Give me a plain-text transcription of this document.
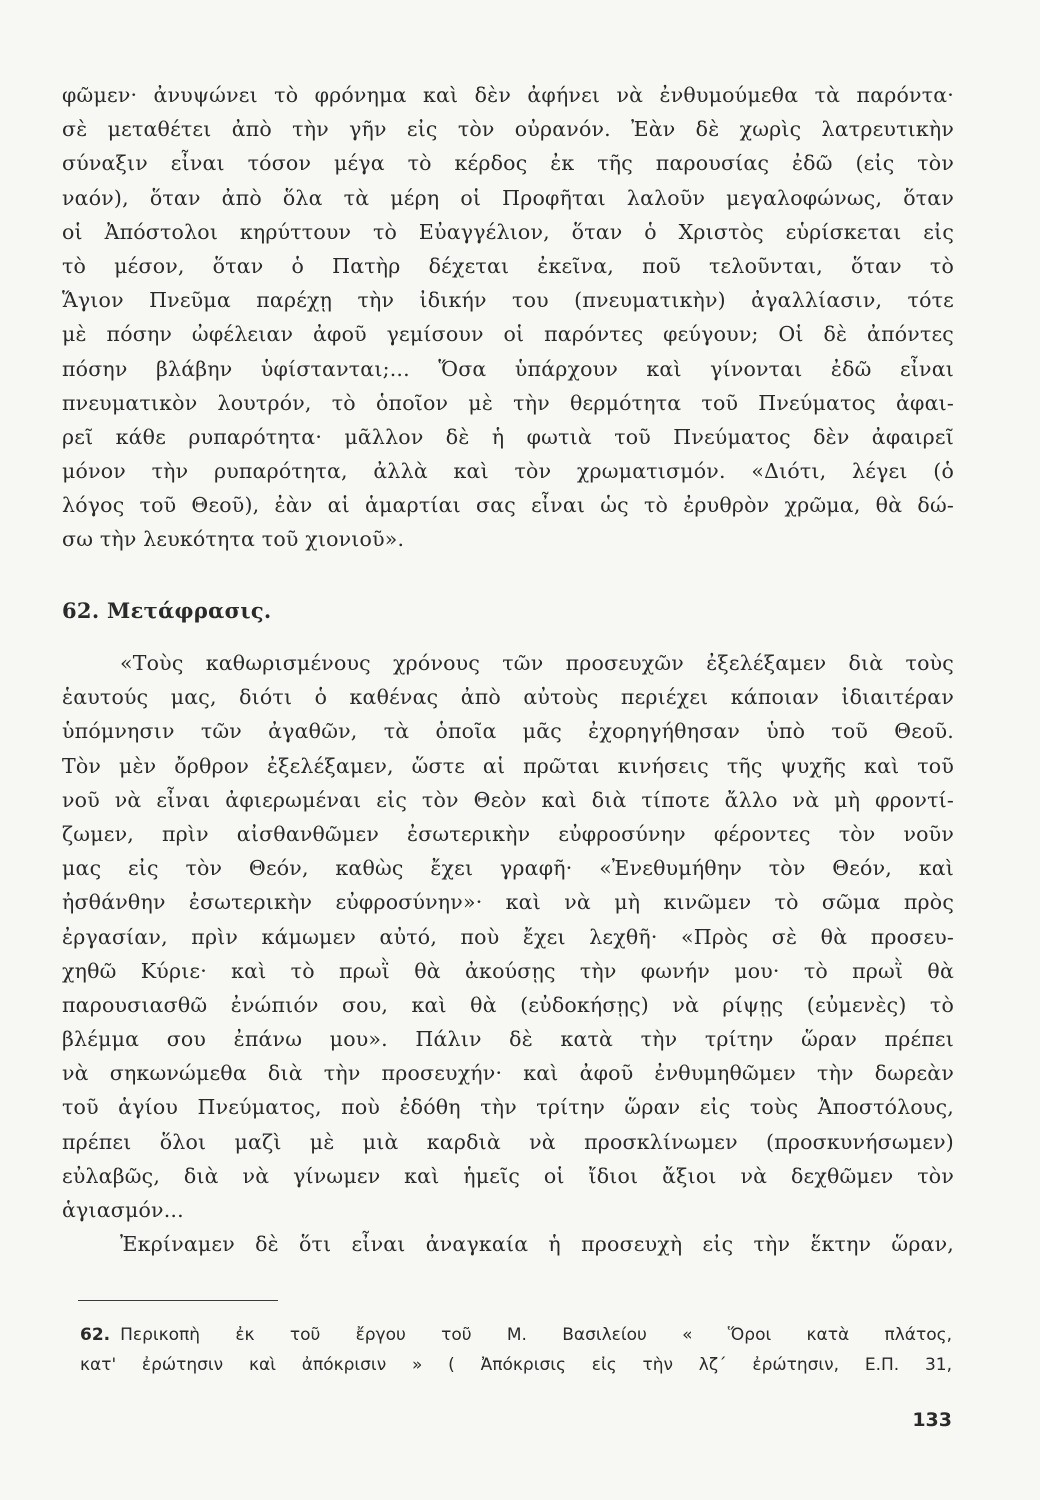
φῶμεν· ἀνυψώνει τὸ φρόνημα καὶ δὲν ἀφήνει νὰ ἐνθυμούμεθα τὰ παρόντα·
σὲ μεταθέτει ἀπὸ τὴν γῆν εἰς τὸν οὐρανόν. Ἐὰν δὲ χωρὶς λατρευτικὴν
σύναξιν εἶναι τόσον μέγα τὸ κέρδος ἐκ τῆς παρουσίας ἐδῶ (εἰς τὸν
ναόν), ὅταν ἀπὸ ὅλα τὰ μέρη οἱ Προφῆται λαλοῦν μεγαλοφώνως, ὅταν
οἱ Ἀπόστολοι κηρύττουν τὸ Εὐαγγέλιον, ὅταν ὁ Χριστὸς εὑρίσκεται εἰς
τὸ μέσον, ὅταν ὁ Πατὴρ δέχεται ἐκεῖνα, ποῦ τελοῦνται, ὅταν τὸ
Ἅγιον Πνεῦμα παρέχῃ τὴν ἰδικήν του (πνευματικὴν) ἀγαλλίασιν, τότε
μὲ πόσην ὠφέλειαν ἀφοῦ γεμίσουν οἱ παρόντες φεύγουν; Οἱ δὲ ἀπόντες
πόσην βλάβην ὑφίστανται;... Ὅσα ὑπάρχουν καὶ γίνονται ἐδῶ εἶναι
πνευματικὸν λουτρόν, τὸ ὁποῖον μὲ τὴν θερμότητα τοῦ Πνεύματος ἀφαι-
ρεῖ κάθε ρυπαρότητα· μᾶλλον δὲ ἡ φωτιὰ τοῦ Πνεύματος δὲν ἀφαιρεῖ
μόνον τὴν ρυπαρότητα, ἀλλὰ καὶ τὸν χρωματισμόν. «Διότι, λέγει (ὁ
λόγος τοῦ Θεοῦ), ἐὰν αἱ ἁμαρτίαι σας εἶναι ὡς τὸ ἐρυθρὸν χρῶμα, θὰ δώ-
σω τὴν λευκότητα τοῦ χιονιοῦ».
62. Μετάφρασις.
«Τοὺς καθωρισμένους χρόνους τῶν προσευχῶν ἐξελέξαμεν διὰ τοὺς
ἑαυτούς μας, διότι ὁ καθένας ἀπὸ αὐτοὺς περιέχει κάποιαν ἰδιαιτέραν
ὑπόμνησιν τῶν ἀγαθῶν, τὰ ὁποῖα μᾶς ἐχορηγήθησαν ὑπὸ τοῦ Θεοῦ.
Τὸν μὲν ὄρθρον ἐξελέξαμεν, ὥστε αἱ πρῶται κινήσεις τῆς ψυχῆς καὶ τοῦ
νοῦ νὰ εἶναι ἀφιερωμέναι εἰς τὸν Θεὸν καὶ διὰ τίποτε ἄλλο νὰ μὴ φροντί-
ζωμεν, πρὶν αἰσθανθῶμεν ἐσωτερικὴν εὐφροσύνην φέροντες τὸν νοῦν
μας εἰς τὸν Θεόν, καθὼς ἔχει γραφῆ· «Ἐνεθυμήθην τὸν Θεόν, καὶ
ἠσθάνθην ἐσωτερικὴν εὐφροσύνην»· καὶ νὰ μὴ κινῶμεν τὸ σῶμα πρὸς
ἐργασίαν, πρὶν κάμωμεν αὐτό, ποὺ ἔχει λεχθῆ· «Πρὸς σὲ θὰ προσευ-
χηθῶ Κύριε· καὶ τὸ πρωῒ θὰ ἀκούσῃς τὴν φωνήν μου· τὸ πρωῒ θὰ
παρουσιασθῶ ἐνώπιόν σου, καὶ θὰ (εὐδοκήσῃς) νὰ ρίψῃς (εὐμενὲς) τὸ
βλέμμα σου ἐπάνω μου». Πάλιν δὲ κατὰ τὴν τρίτην ὥραν πρέπει
νὰ σηκωνώμεθα διὰ τὴν προσευχήν· καὶ ἀφοῦ ἐνθυμηθῶμεν τὴν δωρεὰν
τοῦ ἁγίου Πνεύματος, ποὺ ἐδόθη τὴν τρίτην ὥραν εἰς τοὺς Ἀποστόλους,
πρέπει ὅλοι μαζὶ μὲ μιὰ καρδιὰ νὰ προσκλίνωμεν (προσκυνήσωμεν)
εὐλαβῶς, διὰ νὰ γίνωμεν καὶ ἡμεῖς οἱ ἴδιοι ἄξιοι νὰ δεχθῶμεν τὸν
ἁγιασμόν...
Ἐκρίναμεν δὲ ὅτι εἶναι ἀναγκαία ἡ προσευχὴ εἰς τὴν ἕκτην ὥραν,
62. Περικοπὴ ἐκ τοῦ ἔργου τοῦ Μ. Βασιλείου « Ὅροι κατὰ πλάτος,
κατ' ἐρώτησιν καὶ ἀπόκρισιν » ( Ἀπόκρισις εἰς τὴν λζ΄ ἐρώτησιν, Ε.Π. 31,
133
